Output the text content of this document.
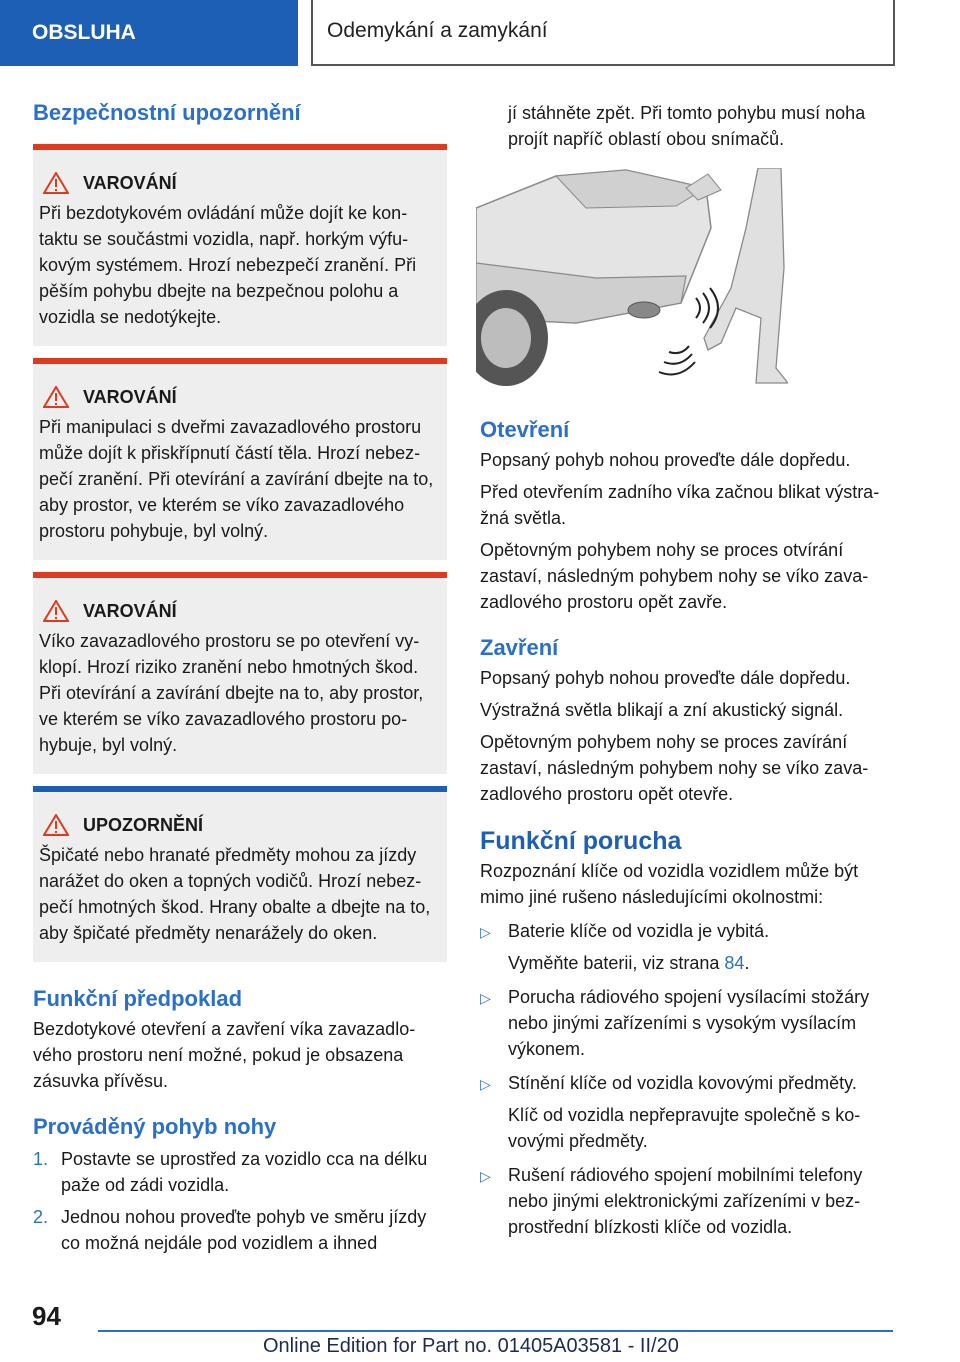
OBSLUHA	Odemykání a zamykání
Bezpečnostní upozornění
VAROVÁNÍ

Při bezdotykovém ovládání může dojít ke kon-taktu se součástmi vozidla, např. horkým výfu-kovým systémem. Hrozí nebezpečí zranění. Při pěším pohybu dbejte na bezpečnou polohu a vozidla se nedotýkejte.

VAROVÁNÍ

Při manipulaci s dveřmi zavazadlového prostoru může dojít k přiskřípnutí částí těla. Hrozí nebez-pečí zranění. Při otevírání a zavírání dbejte na to, aby prostor, ve kterém se víko zavazadlového prostoru pohybuje, byl volný.

VAROVÁNÍ

Víko zavazadlového prostoru se po otevření vy-klopí. Hrozí riziko zranění nebo hmotných škod. Při otevírání a zavírání dbejte na to, aby prostor, ve kterém se víko zavazadlového prostoru po-hybuje, byl volný.

UPOZORNĚNÍ

Špičaté nebo hranaté předměty mohou za jízdy narážet do oken a topných vodičů. Hrozí nebez-pečí hmotných škod. Hrany obalte a dbejte na to, aby špičaté předměty nenarážely do oken.

Funkční předpoklad

Bezdotykové otevření a zavření víka zavazadlo-vého prostoru není možné, pokud je obsazena zásuvka přívěsu.

Prováděný pohyb nohy
1. Postavte se uprostřed za vozidlo cca na délku paže od zádi vozidla.
2. Jednou nohou proveďte pohyb ve směru jízdy co možná nejdále pod vozidlem a ihned

jí stáhněte zpět. Při tomto pohybu musí noha projít napříč oblastí obou snímačů.

Otevření

Popsaný pohyb nohou proveďte dále dopředu.

Před otevřením zadního víka začnou blikat výstra-žná světla.

Opětovným pohybem nohy se proces otvírání zastaví, následným pohybem nohy se víko zava-zadlového prostoru opět zavře.

Zavření

Popsaný pohyb nohou proveďte dále dopředu.

Výstražná světla blikají a zní akustický signál.

Opětovným pohybem nohy se proces zavírání zastaví, následným pohybem nohy se víko zava-zadlového prostoru opět otevře.

Funkční porucha

Rozpoznání klíče od vozidla vozidlem může být mimo jiné rušeno následujícími okolnostmi:

▷ Baterie klíče od vozidla je vybitá.
Vyměňte baterii, viz strana 84.
▷ Porucha rádiového spojení vysílacími stožáry nebo jinými zařízeními s vysokým vysílacím výkonem.
▷ Stínění klíče od vozidla kovovými předměty.
Klíč od vozidla nepřepravujte společně s ko-vovými předměty.
▷ Rušení rádiového spojení mobilními telefony nebo jinými elektronickými zařízeními v bez-prostřední blízkosti klíče od vozidla.
94
Online Edition for Part no. 01405A03581 - II/20
